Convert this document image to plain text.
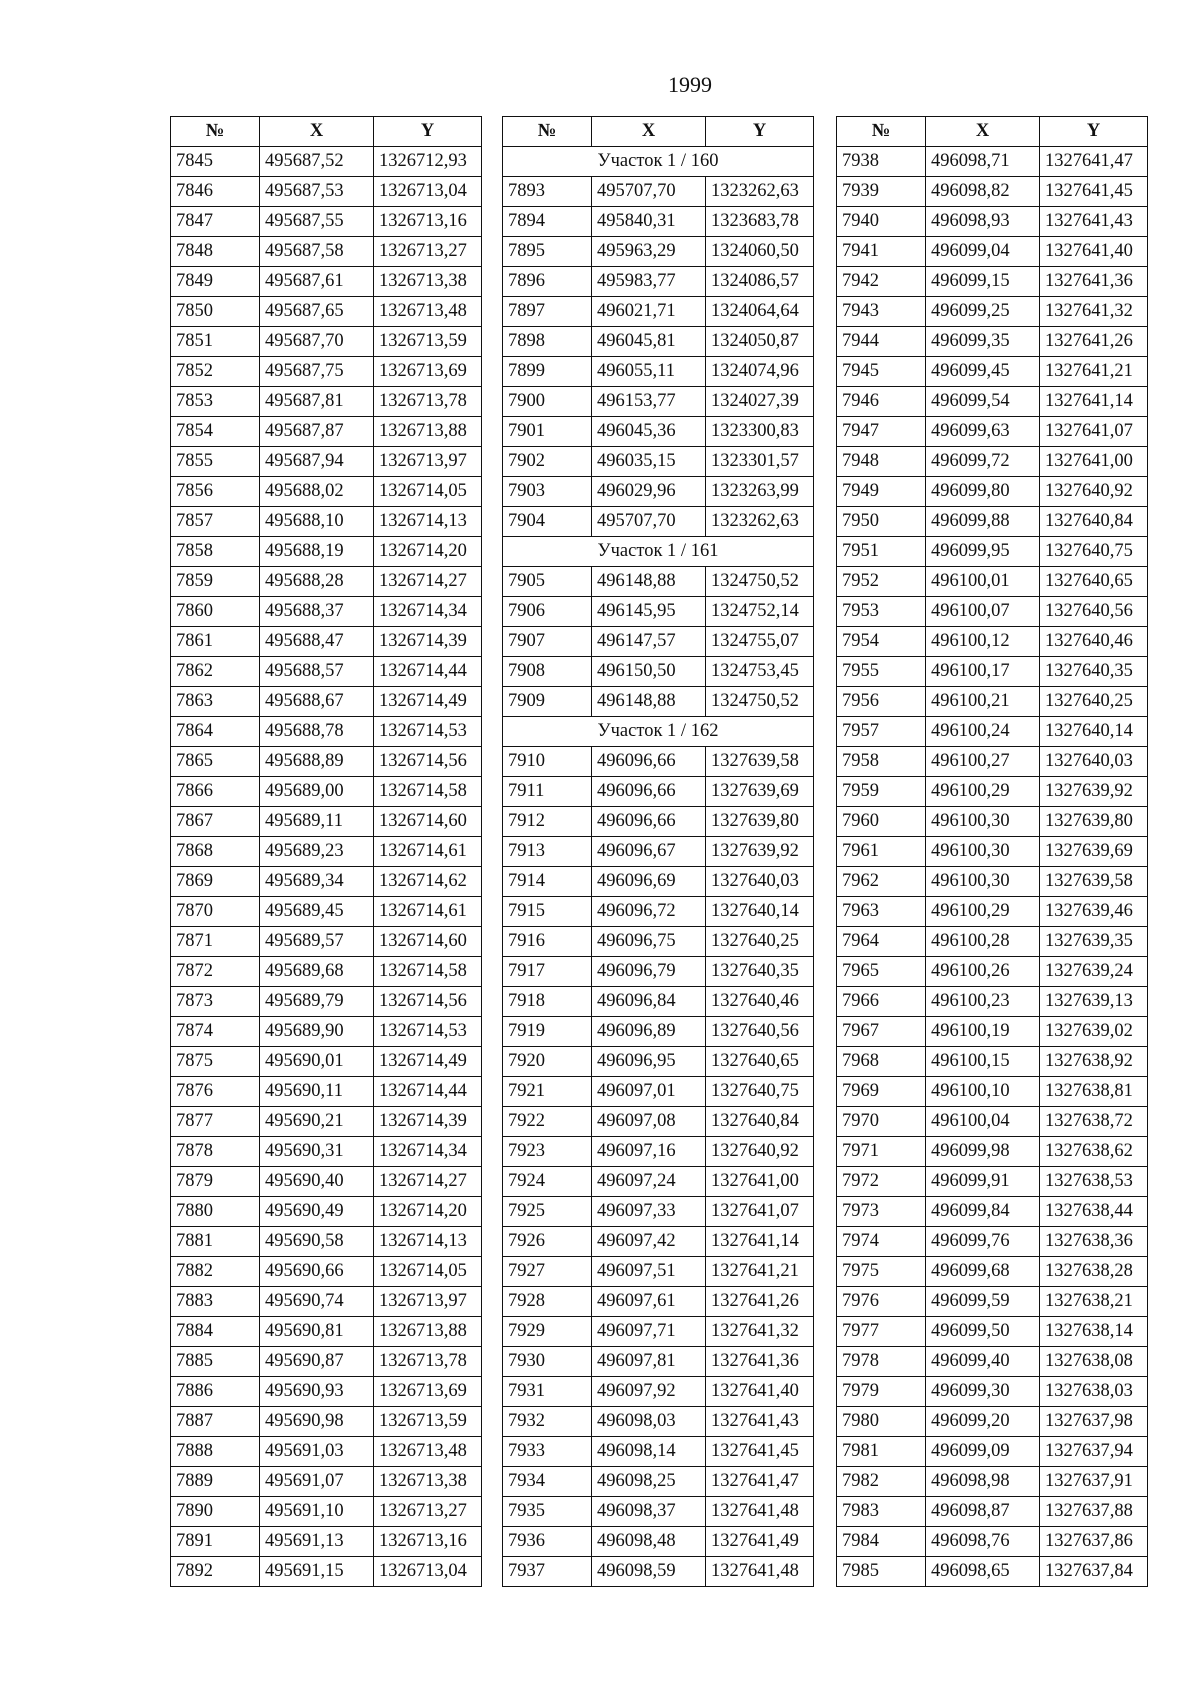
1999
№	X	Y
7845	495687,52	1326712,93
7846	495687,53	1326713,04
7847	495687,55	1326713,16
7848	495687,58	1326713,27
7849	495687,61	1326713,38
7850	495687,65	1326713,48
7851	495687,70	1326713,59
7852	495687,75	1326713,69
7853	495687,81	1326713,78
7854	495687,87	1326713,88
7855	495687,94	1326713,97
7856	495688,02	1326714,05
7857	495688,10	1326714,13
7858	495688,19	1326714,20
7859	495688,28	1326714,27
7860	495688,37	1326714,34
7861	495688,47	1326714,39
7862	495688,57	1326714,44
7863	495688,67	1326714,49
7864	495688,78	1326714,53
7865	495688,89	1326714,56
7866	495689,00	1326714,58
7867	495689,11	1326714,60
7868	495689,23	1326714,61
7869	495689,34	1326714,62
7870	495689,45	1326714,61
7871	495689,57	1326714,60
7872	495689,68	1326714,58
7873	495689,79	1326714,56
7874	495689,90	1326714,53
7875	495690,01	1326714,49
7876	495690,11	1326714,44
7877	495690,21	1326714,39
7878	495690,31	1326714,34
7879	495690,40	1326714,27
7880	495690,49	1326714,20
7881	495690,58	1326714,13
7882	495690,66	1326714,05
7883	495690,74	1326713,97
7884	495690,81	1326713,88
7885	495690,87	1326713,78
7886	495690,93	1326713,69
7887	495690,98	1326713,59
7888	495691,03	1326713,48
7889	495691,07	1326713,38
7890	495691,10	1326713,27
7891	495691,13	1326713,16
7892	495691,15	1326713,04
№	X	Y
Участок 1 / 160		
7893	495707,70	1323262,63
7894	495840,31	1323683,78
7895	495963,29	1324060,50
7896	495983,77	1324086,57
7897	496021,71	1324064,64
7898	496045,81	1324050,87
7899	496055,11	1324074,96
7900	496153,77	1324027,39
7901	496045,36	1323300,83
7902	496035,15	1323301,57
7903	496029,96	1323263,99
7904	495707,70	1323262,63
Участок 1 / 161		
7905	496148,88	1324750,52
7906	496145,95	1324752,14
7907	496147,57	1324755,07
7908	496150,50	1324753,45
7909	496148,88	1324750,52
Участок 1 / 162		
7910	496096,66	1327639,58
7911	496096,66	1327639,69
7912	496096,66	1327639,80
7913	496096,67	1327639,92
7914	496096,69	1327640,03
7915	496096,72	1327640,14
7916	496096,75	1327640,25
7917	496096,79	1327640,35
7918	496096,84	1327640,46
7919	496096,89	1327640,56
7920	496096,95	1327640,65
7921	496097,01	1327640,75
7922	496097,08	1327640,84
7923	496097,16	1327640,92
7924	496097,24	1327641,00
7925	496097,33	1327641,07
7926	496097,42	1327641,14
7927	496097,51	1327641,21
7928	496097,61	1327641,26
7929	496097,71	1327641,32
7930	496097,81	1327641,36
7931	496097,92	1327641,40
7932	496098,03	1327641,43
7933	496098,14	1327641,45
7934	496098,25	1327641,47
7935	496098,37	1327641,48
7936	496098,48	1327641,49
7937	496098,59	1327641,48
№	X	Y
7938	496098,71	1327641,47
7939	496098,82	1327641,45
7940	496098,93	1327641,43
7941	496099,04	1327641,40
7942	496099,15	1327641,36
7943	496099,25	1327641,32
7944	496099,35	1327641,26
7945	496099,45	1327641,21
7946	496099,54	1327641,14
7947	496099,63	1327641,07
7948	496099,72	1327641,00
7949	496099,80	1327640,92
7950	496099,88	1327640,84
7951	496099,95	1327640,75
7952	496100,01	1327640,65
7953	496100,07	1327640,56
7954	496100,12	1327640,46
7955	496100,17	1327640,35
7956	496100,21	1327640,25
7957	496100,24	1327640,14
7958	496100,27	1327640,03
7959	496100,29	1327639,92
7960	496100,30	1327639,80
7961	496100,30	1327639,69
7962	496100,30	1327639,58
7963	496100,29	1327639,46
7964	496100,28	1327639,35
7965	496100,26	1327639,24
7966	496100,23	1327639,13
7967	496100,19	1327639,02
7968	496100,15	1327638,92
7969	496100,10	1327638,81
7970	496100,04	1327638,72
7971	496099,98	1327638,62
7972	496099,91	1327638,53
7973	496099,84	1327638,44
7974	496099,76	1327638,36
7975	496099,68	1327638,28
7976	496099,59	1327638,21
7977	496099,50	1327638,14
7978	496099,40	1327638,08
7979	496099,30	1327638,03
7980	496099,20	1327637,98
7981	496099,09	1327637,94
7982	496098,98	1327637,91
7983	496098,87	1327637,88
7984	496098,76	1327637,86
7985	496098,65	1327637,84
